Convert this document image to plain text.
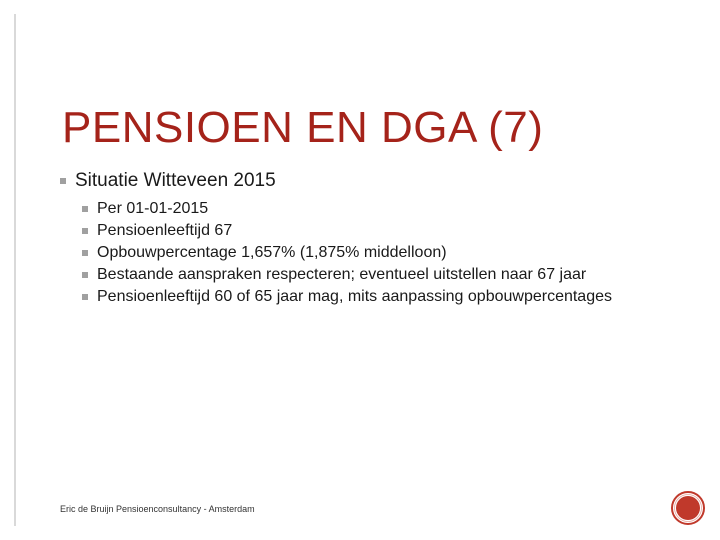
PENSIOEN EN DGA (7)
Situatie Witteveen 2015
Per 01-01-2015
Pensioenleeftijd 67
Opbouwpercentage 1,657% (1,875% middelloon)
Bestaande aanspraken respecteren; eventueel uitstellen naar 67 jaar
Pensioenleeftijd 60 of 65 jaar mag, mits aanpassing opbouwpercentages
Eric de Bruijn Pensioenconsultancy - Amsterdam
